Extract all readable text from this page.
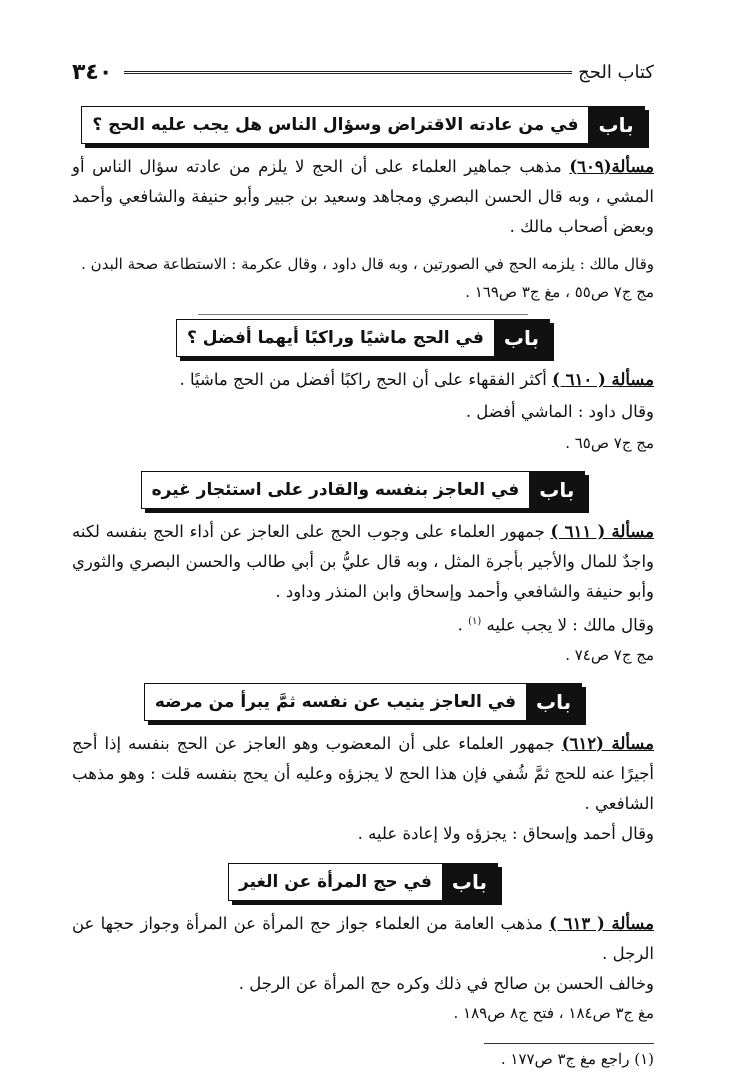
٣٤٠	كتاب الحج
باب
في من عادته الاقتراض وسؤال الناس هل يجب عليه الحج ؟

مسألة(٦٠٩) مذهب جماهير العلماء على أن الحج لا يلزم من عادته سؤال الناس أو المشي ، وبه قال الحسن البصري ومجاهد وسعيد بن جبير وأبو حنيفة والشافعي وأحمد وبعض أصحاب مالك .

وقال مالك : يلزمه الحج في الصورتين ، وبه قال داود ، وقال عكرمة : الاستطاعة صحة البدن .

مج ج٧ ص٥٥ ، مغ ج٣ ص١٦٩ .

باب
في الحج ماشيًا وراكبًا أيهما أفضل ؟

مسألة ( ٦١٠ ) أكثر الفقهاء على أن الحج راكبًا أفضل من الحج ماشيًا .

وقال داود : الماشي أفضل .

مج ج٧ ص٦٥ .

باب
في العاجز بنفسه والقادر على استئجار غيره

مسألة ( ٦١١ ) جمهور العلماء على وجوب الحج على العاجز عن أداء الحج بنفسه لكنه واجدٌ للمال والأجير بأجرة المثل ، وبه قال عليُّ بن أبي طالب والحسن البصري والثوري وأبو حنيفة والشافعي وأحمد وإسحاق وابن المنذر وداود .

وقال مالك : لا يجب عليه $^{(١)}$ .

مج ج٧ ص٧٤ .

باب
في العاجز ينيب عن نفسه ثمَّ يبرأ من مرضه

مسألة (٦١٢) جمهور العلماء على أن المعضوب وهو العاجز عن الحج بنفسه إذا أحج أجيرًا عنه للحج ثمَّ شُفي فإن هذا الحج لا يجزؤه وعليه أن يحج بنفسه قلت : وهو مذهب الشافعي .

وقال أحمد وإسحاق : يجزؤه ولا إعادة عليه .

باب
في حج المرأة عن الغير

مسألة ( ٦١٣ ) مذهب العامة من العلماء جواز حج المرأة عن المرأة وجواز حجها عن الرجل .

وخالف الحسن بن صالح في ذلك وكره حج المرأة عن الرجل .

مغ ج٣ ص١٨٤ ، فتح ج٨ ص١٨٩ .

(١) راجع مغ ج٣ ص١٧٧ .
